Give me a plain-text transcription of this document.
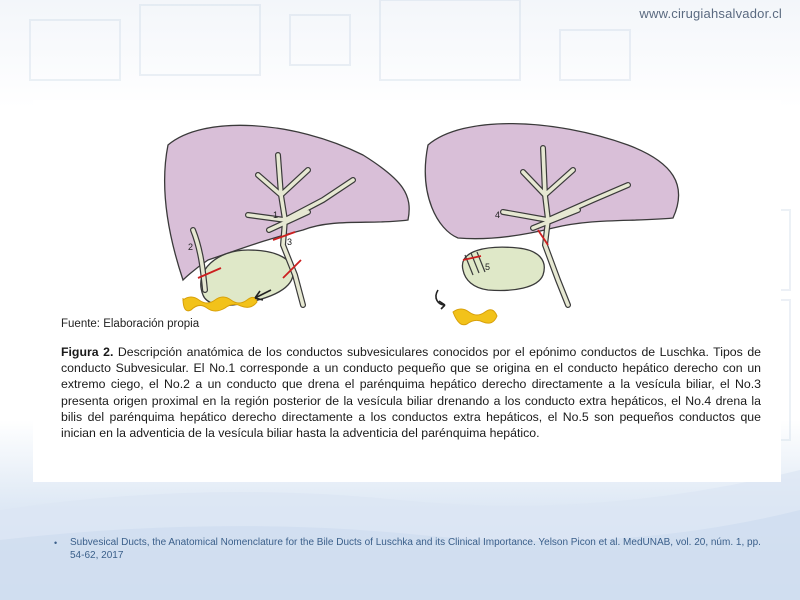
www.cirugiahsalvador.cl
1
2	3
4
5
Fuente: Elaboración propia
Figura 2. Descripción anatómica de los conductos subvesiculares conocidos por el epónimo conductos de Luschka. Tipos de conducto Subvesicular. El No.1 corresponde a un conducto pequeño que se origina en el conducto hepático derecho con un extremo ciego, el No.2 a un conducto que drena el parénquima hepático derecho directamente a la vesícula biliar, el No.3 presenta origen proximal en la región posterior de la vesícula biliar drenando a los conducto extra hepáticos, el No.4 drena la bilis del parénquima hepático derecho directamente a los conductos extra hepáticos, el No.5 son pequeños conductos que inician en la adventicia de la vesícula biliar hasta la adventicia del parénquima hepático.
• Subvesical Ducts, the Anatomical Nomenclature for the Bile Ducts of Luschka and its Clinical Importance. Yelson Picon et al. MedUNAB, vol. 20, núm. 1, pp. 54-62, 2017
